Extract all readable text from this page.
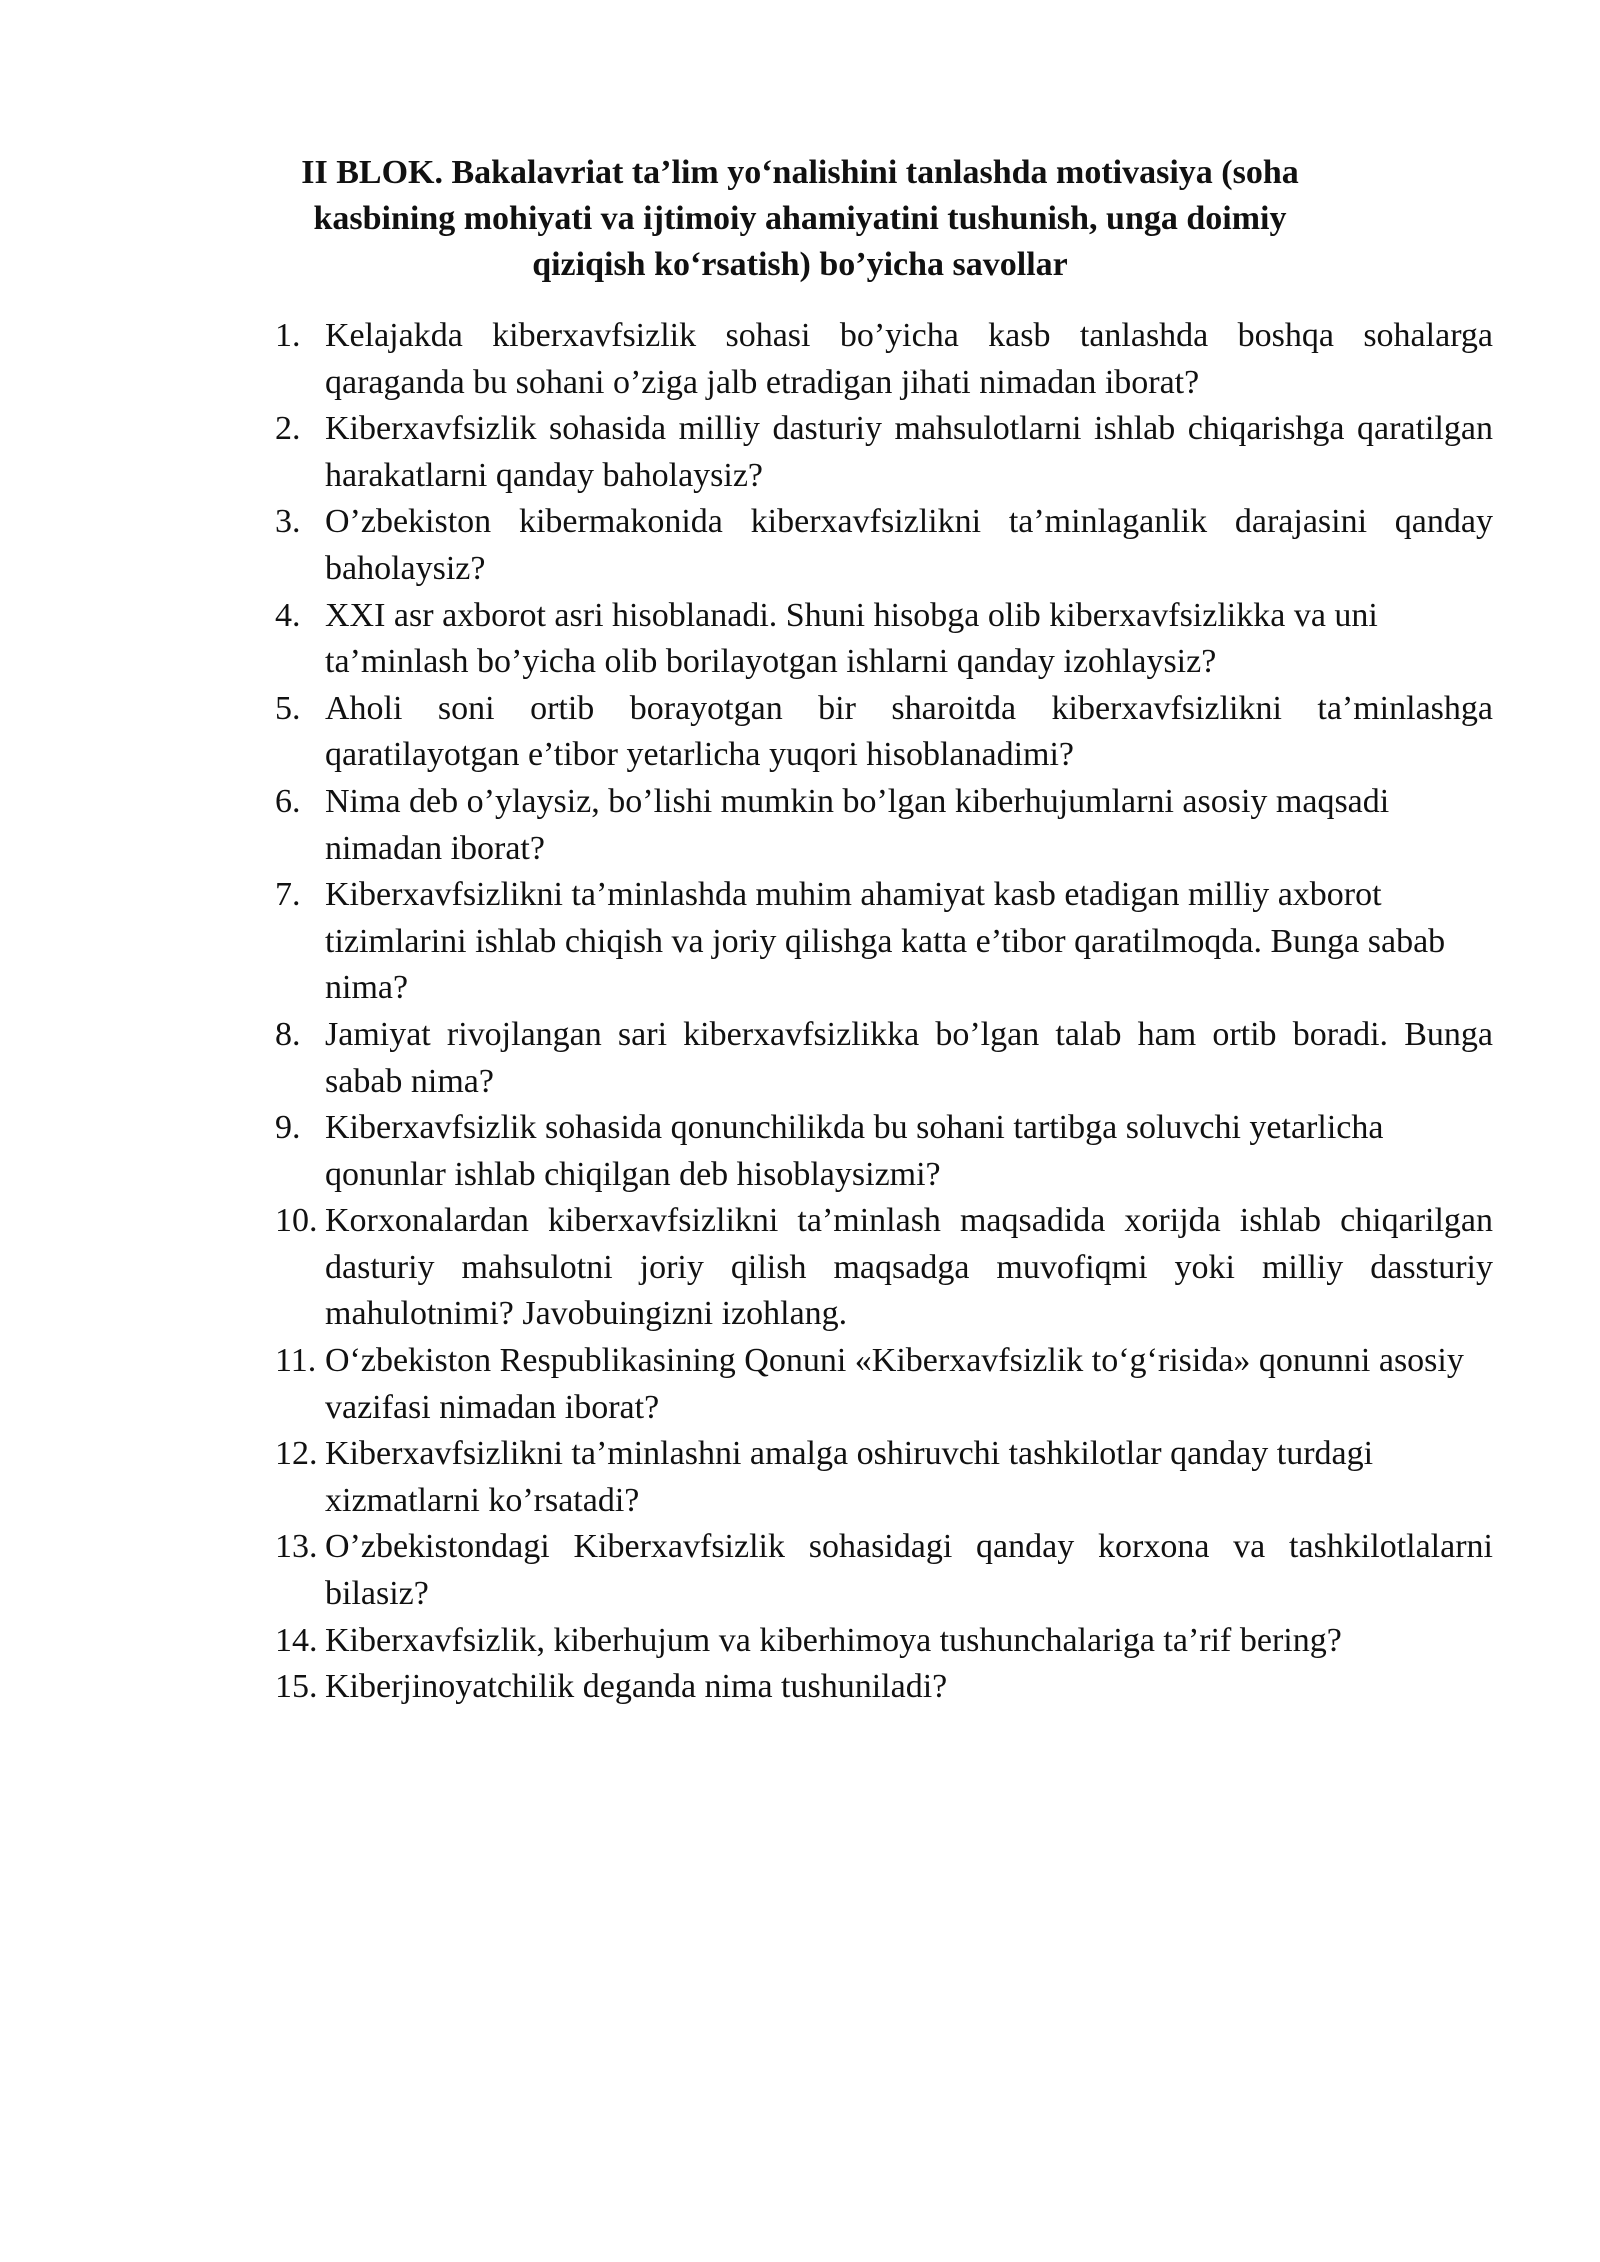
II BLOK. Bakalavriat ta’lim yo‘nalishini tanlashda motivasiya (soha kasbining mohiyati va ijtimoiy ahamiyatini tushunish, unga doimiy qiziqish ko‘rsatish) bo’yicha savollar
1. Kelajakda kiberxavfsizlik sohasi bo’yicha kasb tanlashda boshqa sohalarga qaraganda bu sohani o’ziga jalb etradigan jihati nimadan iborat?
2. Kiberxavfsizlik sohasida milliy dasturiy mahsulotlarni ishlab chiqarishga qaratilgan harakatlarni qanday baholaysiz?
3. O’zbekiston kibermakonida kiberxavfsizlikni ta’minlaganlik darajasini qanday baholaysiz?
4. XXI asr axborot asri hisoblanadi. Shuni hisobga olib kiberxavfsizlikka va uni ta’minlash bo’yicha olib borilayotgan ishlarni qanday izohlaysiz?
5. Aholi soni ortib borayotgan bir sharoitda kiberxavfsizlikni ta’minlashga qaratilayotgan e’tibor yetarlicha yuqori hisoblanadimi?
6. Nima deb o’ylaysiz, bo’lishi mumkin bo’lgan kiberhujumlarni asosiy maqsadi nimadan iborat?
7. Kiberxavfsizlikni ta’minlashda muhim ahamiyat kasb etadigan milliy axborot tizimlarini ishlab chiqish va joriy qilishga katta e’tibor qaratilmoqda. Bunga sabab nima?
8. Jamiyat rivojlangan sari kiberxavfsizlikka bo’lgan talab ham ortib boradi. Bunga sabab nima?
9. Kiberxavfsizlik sohasida qonunchilikda bu sohani tartibga soluvchi yetarlicha qonunlar ishlab chiqilgan deb hisoblaysizmi?
10. Korxonalardan kiberxavfsizlikni ta’minlash maqsadida xorijda ishlab chiqarilgan dasturiy mahsulotni joriy qilish maqsadga muvofiqmi yoki milliy dassturiy mahulotnimi? Javobuingizni izohlang.
11. O‘zbekiston Respublikasining Qonuni «Kiberxavfsizlik to‘g‘risida» qonunni asosiy vazifasi nimadan iborat?
12. Kiberxavfsizlikni ta’minlashni amalga oshiruvchi tashkilotlar qanday turdagi xizmatlarni ko’rsatadi?
13. O’zbekistondagi Kiberxavfsizlik sohasidagi qanday korxona va tashkilotlalarni bilasiz?
14. Kiberxavfsizlik, kiberhujum va kiberhimoya tushunchalariga ta’rif bering?
15. Kiberjinoyatchilik deganda nima tushuniladi?
